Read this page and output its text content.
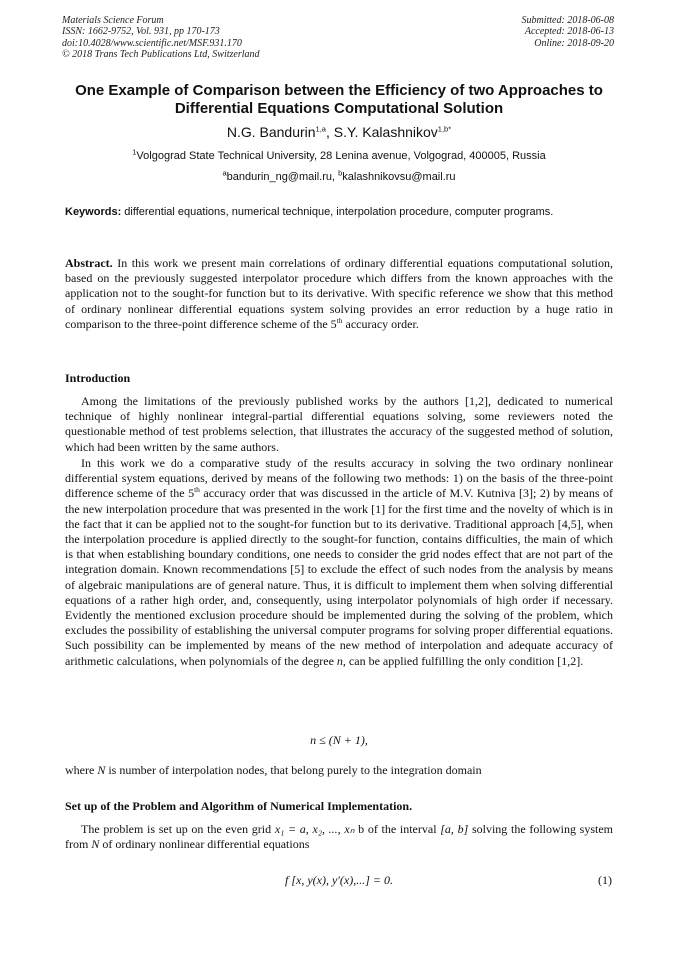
Materials Science Forum
ISSN: 1662-9752, Vol. 931, pp 170-173
doi:10.4028/www.scientific.net/MSF.931.170
© 2018 Trans Tech Publications Ltd, Switzerland
Submitted: 2018-06-08
Accepted: 2018-06-13
Online: 2018-09-20
One Example of Comparison between the Efficiency of two Approaches to Differential Equations Computational Solution
N.G. Bandurin$^{1,a}$, S.Y. Kalashnikov$^{1,b*}$
$^1$Volgograd State Technical University, 28 Lenina avenue, Volgograd, 400005, Russia
$^a$bandurin_ng@mail.ru, $^b$kalashnikovsu@mail.ru
Keywords: differential equations, numerical technique, interpolation procedure, computer programs.
Abstract. In this work we present main correlations of ordinary differential equations computational solution, based on the previously suggested interpolator procedure which differs from the known approaches with the application not to the sought-for function but to its derivative. With specific reference we show that this method of ordinary nonlinear differential equations system solving provides an error reduction by a huge ratio in comparison to the three-point difference scheme of the 5th accuracy order.
Introduction
Among the limitations of the previously published works by the authors [1,2], dedicated to numerical technique of highly nonlinear integral-partial differential equations solving, some reviewers noted the questionable method of test problems selection, that illustrates the accuracy of the suggested method of solution, which had been written by the same authors.
In this work we do a comparative study of the results accuracy in solving the two ordinary nonlinear differential system equations, derived by means of the following two methods: 1) on the basis of the three-point difference scheme of the 5th accuracy order that was discussed in the article of M.V. Kutniva [3]; 2) by means of the new interpolation procedure that was presented in the work [1] for the first time and the novelty of which is in the fact that it can be applied not to the sought-for function but to its derivative. Traditional approach [4,5], when the interpolation procedure is applied directly to the sought-for function, contains difficulties, the main of which is that when establishing boundary conditions, one needs to consider the grid nodes effect that are not part of the integration domain. Known recommendations [5] to exclude the effect of such nodes from the analysis by means of algebraic manipulations are of general nature. Thus, it is difficult to implement them when solving differential equations of a rather high order, and, consequently, using interpolator polynomials of high order if necessary. Evidently the mentioned exclusion procedure should be implemented during the solving of the problem, which excludes the possibility of establishing the universal computer programs for solving proper differential equations. Such possibility can be implemented by means of the new method of interpolation and adequate accuracy of arithmetic calculations, when polynomials of the degree n, can be applied fulfilling the only condition [1,2].
n ≤ (N + 1),
where N is number of interpolation nodes, that belong purely to the integration domain
Set up of the Problem and Algorithm of Numerical Implementation.
The problem is set up on the even grid x₁ = a, x₂, ..., xₙ b of the interval [a, b] solving the following system from N of ordinary nonlinear differential equations
f [x, y(x), y′(x),...] = 0.	(1)
